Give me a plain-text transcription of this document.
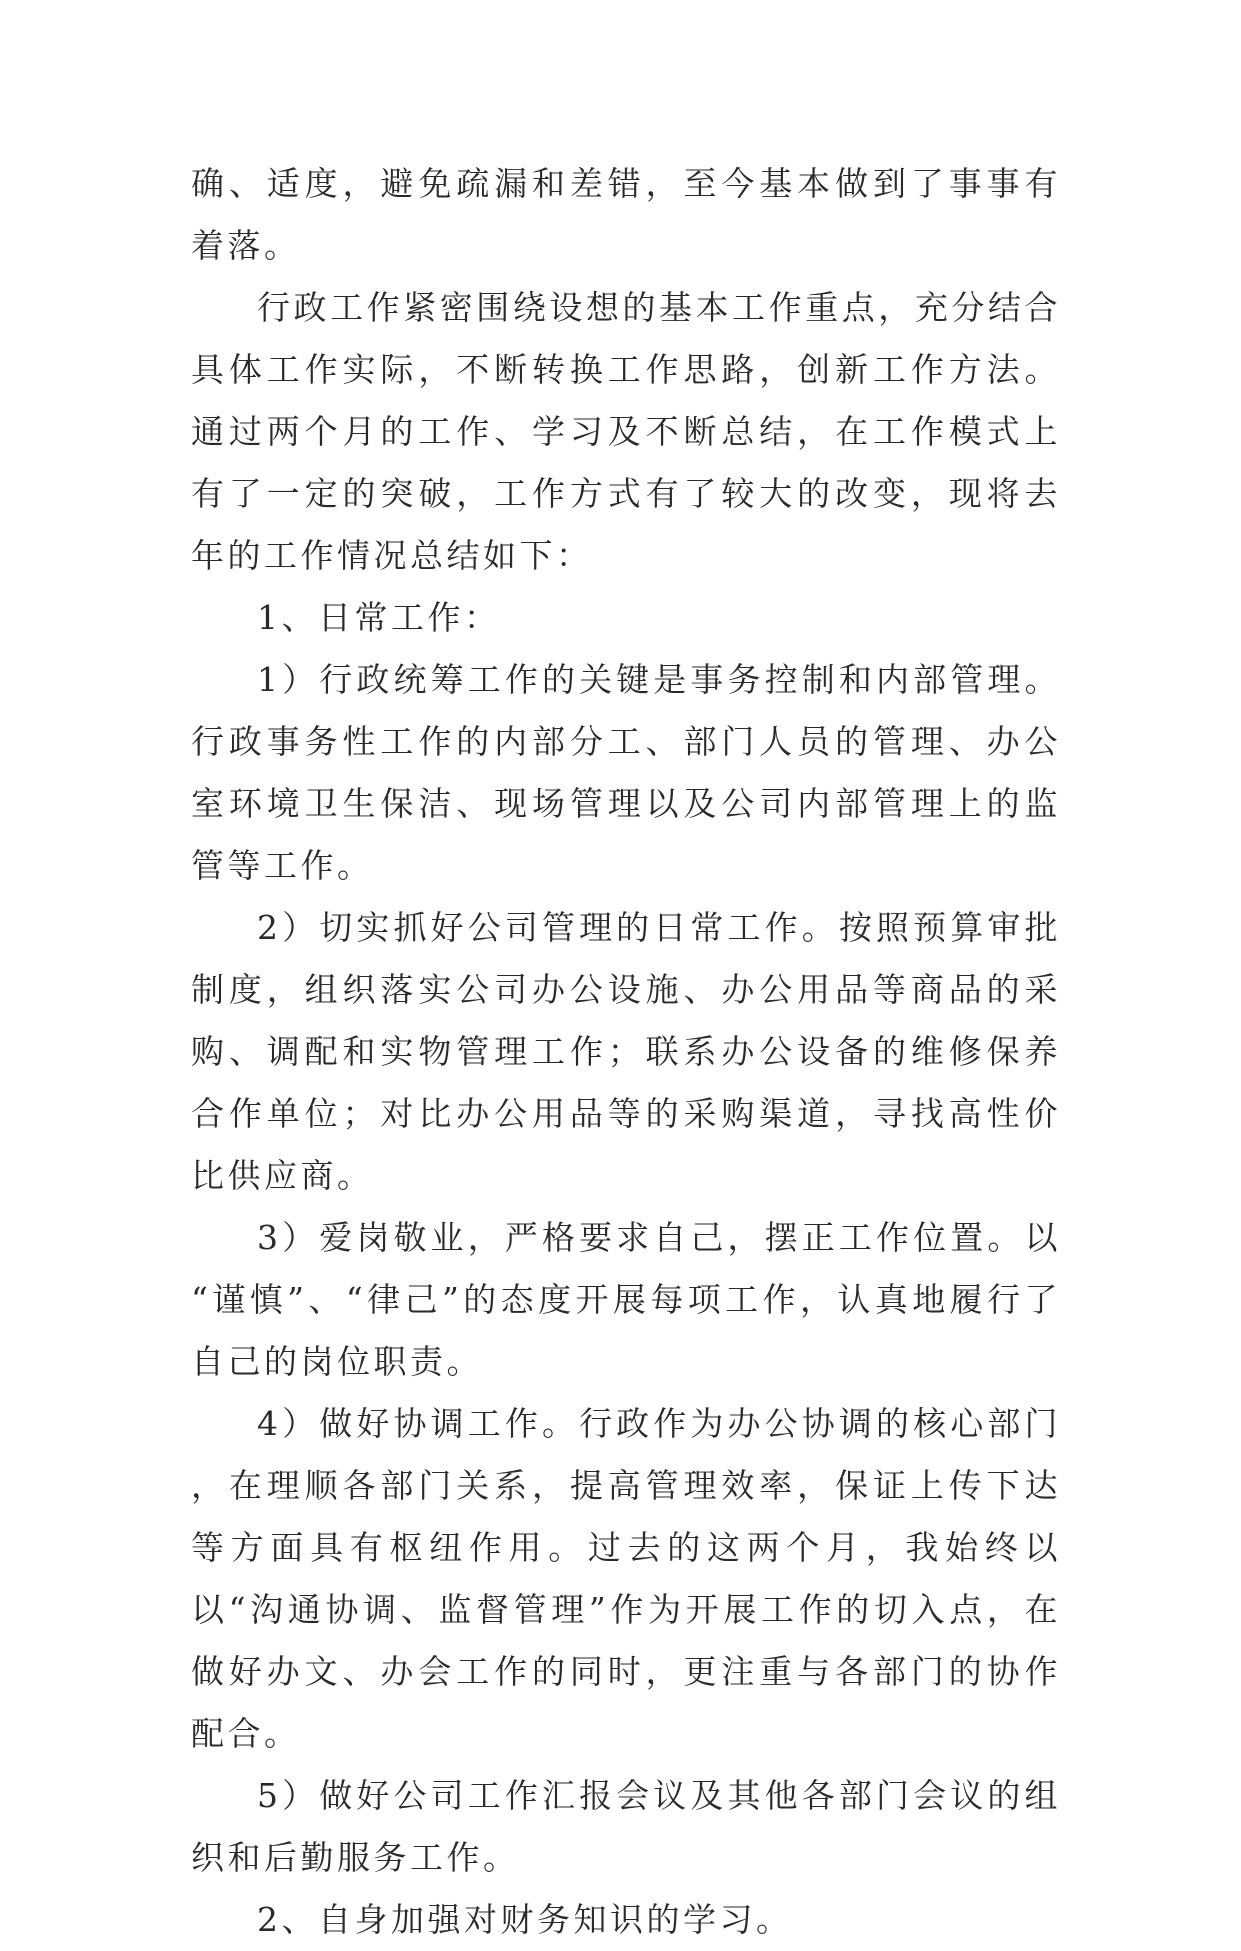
确、适度，避免疏漏和差错，至今基本做到了事事有着落。

行政工作紧密围绕设想的基本工作重点，充分结合具体工作实际，不断转换工作思路，创新工作方法。通过两个月的工作、学习及不断总结，在工作模式上有了一定的突破，工作方式有了较大的改变，现将去年的工作情况总结如下：

1、日常工作：

1）行政统筹工作的关键是事务控制和内部管理。行政事务性工作的内部分工、部门人员的管理、办公室环境卫生保洁、现场管理以及公司内部管理上的监管等工作。

2）切实抓好公司管理的日常工作。按照预算审批制度，组织落实公司办公设施、办公用品等商品的采购、调配和实物管理工作；联系办公设备的维修保养合作单位；对比办公用品等的采购渠道，寻找高性价比供应商。

3）爱岗敬业，严格要求自己，摆正工作位置。以 “谨慎”、“律己”的态度开展每项工作，认真地履行了自己的岗位职责。

4）做好协调工作。行政作为办公协调的核心部门 ，在理顺各部门关系，提高管理效率，保证上传下达等方面具有枢纽作用。过去的这两个月，我始终以以“沟通协调、监督管理”作为开展工作的切入点，在做好办文、办会工作的同时，更注重与各部门的协作配合。

5）做好公司工作汇报会议及其他各部门会议的组织和后勤服务工作。

2、自身加强对财务知识的学习。
